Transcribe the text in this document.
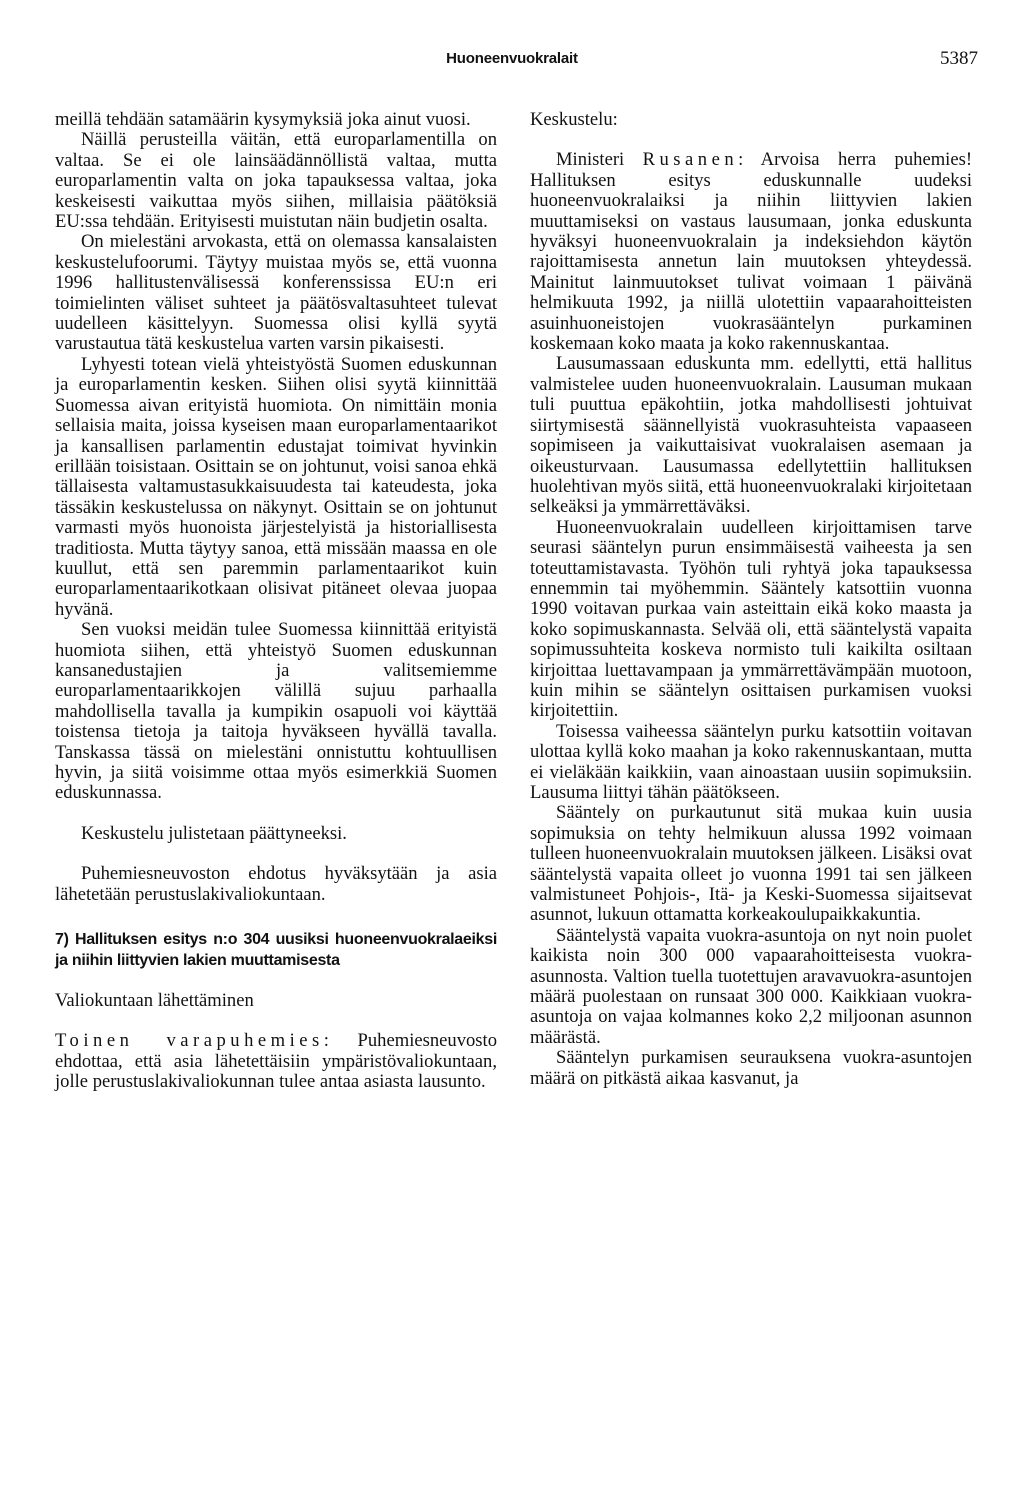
Huoneenvuokralait	5387

meillä tehdään satamäärin kysymyksiä joka ainut vuosi.

Näillä perusteilla väitän, että europarlamentilla on valtaa. Se ei ole lainsäädännöllistä valtaa, mutta europarlamentin valta on joka tapauksessa valtaa, joka keskeisesti vaikuttaa myös siihen, millaisia päätöksiä EU:ssa tehdään. Erityisesti muistutan näin budjetin osalta.

On mielestäni arvokasta, että on olemassa kansalaisten keskustelufoorumi. Täytyy muistaa myös se, että vuonna 1996 hallitustenvälisessä konferenssissa EU:n eri toimielinten väliset suhteet ja päätösvaltasuhteet tulevat uudelleen käsittelyyn. Suomessa olisi kyllä syytä varustautua tätä keskustelua varten varsin pikaisesti.

Lyhyesti totean vielä yhteistyöstä Suomen eduskunnan ja europarlamentin kesken. Siihen olisi syytä kiinnittää Suomessa aivan erityistä huomiota. On nimittäin monia sellaisia maita, joissa kyseisen maan europarlamentaarikot ja kansallisen parlamentin edustajat toimivat hyvinkin erillään toisistaan. Osittain se on johtunut, voisi sanoa ehkä tällaisesta valtamustasukkaisuudesta tai kateudesta, joka tässäkin keskustelussa on näkynyt. Osittain se on johtunut varmasti myös huonoista järjestelyistä ja historiallisesta traditiosta. Mutta täytyy sanoa, että missään maassa en ole kuullut, että sen paremmin parlamentaarikot kuin europarlamentaarikotkaan olisivat pitäneet olevaa juopaa hyvänä.

Sen vuoksi meidän tulee Suomessa kiinnittää erityistä huomiota siihen, että yhteistyö Suomen eduskunnan kansanedustajien ja valitsemiemme europarlamentaarikkojen välillä sujuu parhaalla mahdollisella tavalla ja kumpikin osapuoli voi käyttää toistensa tietoja ja taitoja hyväkseen hyvällä tavalla. Tanskassa tässä on mielestäni onnistuttu kohtuullisen hyvin, ja siitä voisimme ottaa myös esimerkkiä Suomen eduskunnassa.

Keskustelu julistetaan päättyneeksi.

Puhemiesneuvoston ehdotus hyväksytään ja asia lähetetään perustuslakivaliokuntaan.

7) Hallituksen esitys n:o 304 uusiksi huoneenvuokralaeiksi ja niihin liittyvien lakien muuttamisesta

Valiokuntaan lähettäminen

Toinen varapuhemies: Puhemiesneuvosto ehdottaa, että asia lähetettäisiin ympäristövaliokuntaan, jolle perustuslakivaliokunnan tulee antaa asiasta lausunto.

Keskustelu:

Ministeri Rusanen: Arvoisa herra puhemies! Hallituksen esitys eduskunnalle uudeksi huoneenvuokralaiksi ja niihin liittyvien lakien muuttamiseksi on vastaus lausumaan, jonka eduskunta hyväksyi huoneenvuokralain ja indeksiehdon käytön rajoittamisesta annetun lain muutoksen yhteydessä. Mainitut lainmuutokset tulivat voimaan 1 päivänä helmikuuta 1992, ja niillä ulotettiin vapaarahoitteisten asuinhuoneistojen vuokrasääntelyn purkaminen koskemaan koko maata ja koko rakennuskantaa.

Lausumassaan eduskunta mm. edellytti, että hallitus valmistelee uuden huoneenvuokralain. Lausuman mukaan tuli puuttua epäkohtiin, jotka mahdollisesti johtuivat siirtymisestä säännellyistä vuokrasuhteista vapaaseen sopimiseen ja vaikuttaisivat vuokralaisen asemaan ja oikeusturvaan. Lausumassa edellytettiin hallituksen huolehtivan myös siitä, että huoneenvuokralaki kirjoitetaan selkeäksi ja ymmärrettäväksi.

Huoneenvuokralain uudelleen kirjoittamisen tarve seurasi sääntelyn purun ensimmäisestä vaiheesta ja sen toteuttamistavasta. Työhön tuli ryhtyä joka tapauksessa ennemmin tai myöhemmin. Sääntely katsottiin vuonna 1990 voitavan purkaa vain asteittain eikä koko maasta ja koko sopimuskannasta. Selvää oli, että sääntelystä vapaita sopimussuhteita koskeva normisto tuli kaikilta osiltaan kirjoittaa luettavampaan ja ymmärrettävämpään muotoon, kuin mihin se sääntelyn osittaisen purkamisen vuoksi kirjoitettiin.

Toisessa vaiheessa sääntelyn purku katsottiin voitavan ulottaa kyllä koko maahan ja koko rakennuskantaan, mutta ei vieläkään kaikkiin, vaan ainoastaan uusiin sopimuksiin. Lausuma liittyi tähän päätökseen.

Sääntely on purkautunut sitä mukaa kuin uusia sopimuksia on tehty helmikuun alussa 1992 voimaan tulleen huoneenvuokralain muutoksen jälkeen. Lisäksi ovat sääntelystä vapaita olleet jo vuonna 1991 tai sen jälkeen valmistuneet Pohjois-, Itä- ja Keski-Suomessa sijaitsevat asunnot, lukuun ottamatta korkeakoulupaikkakuntia.

Sääntelystä vapaita vuokra-asuntoja on nyt noin puolet kaikista noin 300 000 vapaarahoitteisesta vuokra-asunnosta. Valtion tuella tuotettujen aravavuokra-asuntojen määrä puolestaan on runsaat 300 000. Kaikkiaan vuokra-asuntoja on vajaa kolmannes koko 2,2 miljoonan asunnon määrästä.

Sääntelyn purkamisen seurauksena vuokra-asuntojen määrä on pitkästä aikaa kasvanut, ja
